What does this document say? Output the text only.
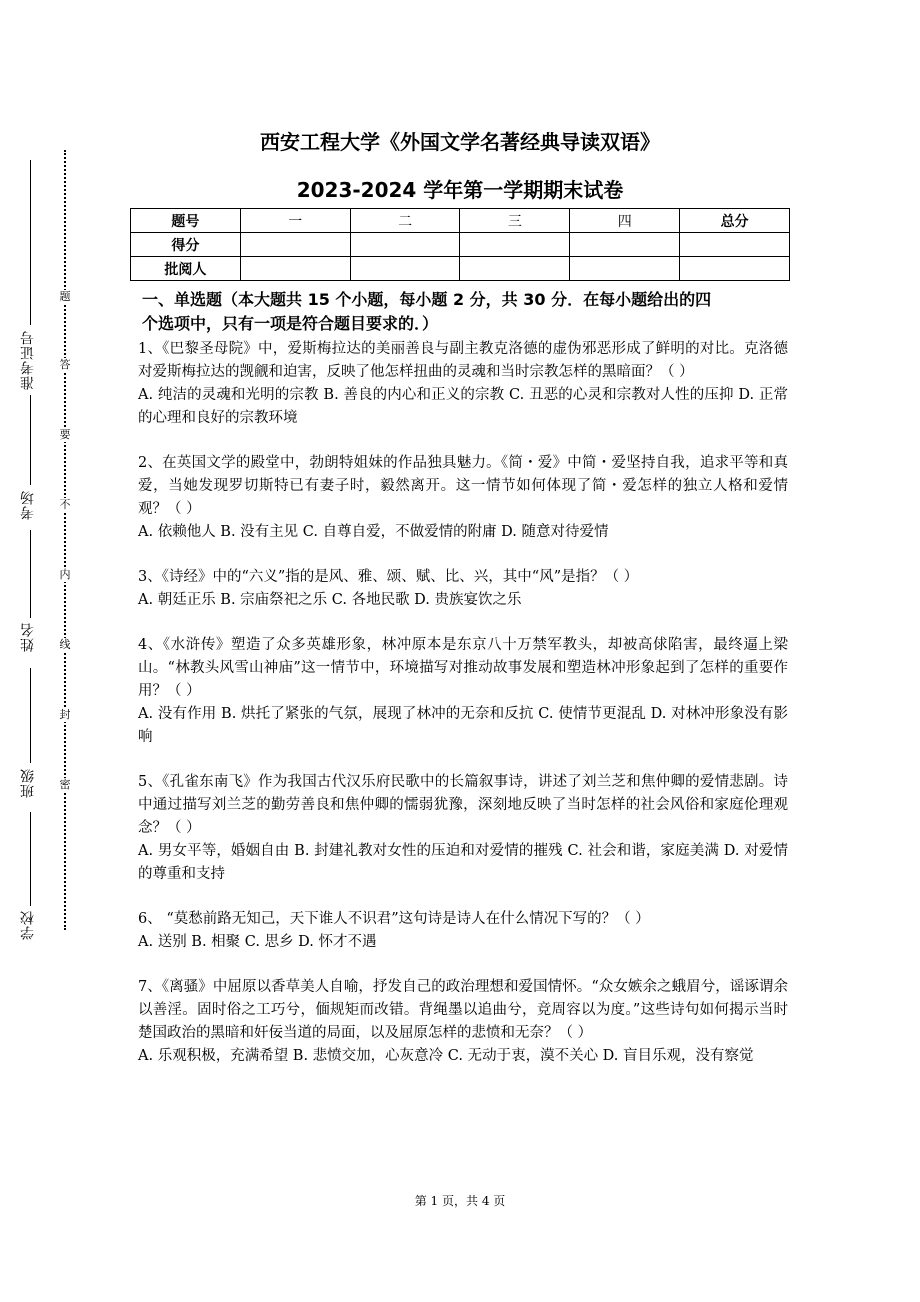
准考证号
考场
姓名
班级
学校
题
答
要
不
内
线
封
密
西安工程大学《外国文学名著经典导读双语》
2023-2024 学年第一学期期末试卷
题号	一	二	三	四	总分
得分					
批阅人					
一、单选题（本大题共 15 个小题，每小题 2 分，共 30 分．在每小题给出的四
个选项中，只有一项是符合题目要求的．）
1、《巴黎圣母院》中，爱斯梅拉达的美丽善良与副主教克洛德的虚伪邪恶形成了鲜明的对比。克洛德对爱斯梅拉达的觊觎和迫害，反映了他怎样扭曲的灵魂和当时宗教怎样的黑暗面？（ ）
A. 纯洁的灵魂和光明的宗教 B. 善良的内心和正义的宗教 C. 丑恶的心灵和宗教对人性的压抑 D. 正常的心理和良好的宗教环境
2、在英国文学的殿堂中，勃朗特姐妹的作品独具魅力。《简・爱》中简・爱坚持自我，追求平等和真爱，当她发现罗切斯特已有妻子时，毅然离开。这一情节如何体现了简・爱怎样的独立人格和爱情观？（ ）
A. 依赖他人 B. 没有主见 C. 自尊自爱，不做爱情的附庸 D. 随意对待爱情
3、《诗经》中的“六义”指的是风、雅、颂、赋、比、兴，其中“风”是指？（ ）
A. 朝廷正乐 B. 宗庙祭祀之乐 C. 各地民歌 D. 贵族宴饮之乐
4、《水浒传》塑造了众多英雄形象，林冲原本是东京八十万禁军教头，却被高俅陷害，最终逼上梁山。“林教头风雪山神庙”这一情节中，环境描写对推动故事发展和塑造林冲形象起到了怎样的重要作用？（ ）
A. 没有作用 B. 烘托了紧张的气氛，展现了林冲的无奈和反抗 C. 使情节更混乱 D. 对林冲形象没有影响
5、《孔雀东南飞》作为我国古代汉乐府民歌中的长篇叙事诗，讲述了刘兰芝和焦仲卿的爱情悲剧。诗中通过描写刘兰芝的勤劳善良和焦仲卿的懦弱犹豫，深刻地反映了当时怎样的社会风俗和家庭伦理观念？（ ）
A. 男女平等，婚姻自由 B. 封建礼教对女性的压迫和对爱情的摧残 C. 社会和谐，家庭美满 D. 对爱情的尊重和支持
6、 “莫愁前路无知己，天下谁人不识君”这句诗是诗人在什么情况下写的？（ ）
A. 送别 B. 相聚 C. 思乡 D. 怀才不遇
7、《离骚》中屈原以香草美人自喻，抒发自己的政治理想和爱国情怀。“众女嫉余之蛾眉兮，谣诼谓余以善淫。固时俗之工巧兮，偭规矩而改错。背绳墨以追曲兮，竞周容以为度。”这些诗句如何揭示当时楚国政治的黑暗和奸佞当道的局面，以及屈原怎样的悲愤和无奈？（ ）
A. 乐观积极，充满希望 B. 悲愤交加，心灰意冷 C. 无动于衷，漠不关心 D. 盲目乐观，没有察觉
第 1 页，共 4 页
